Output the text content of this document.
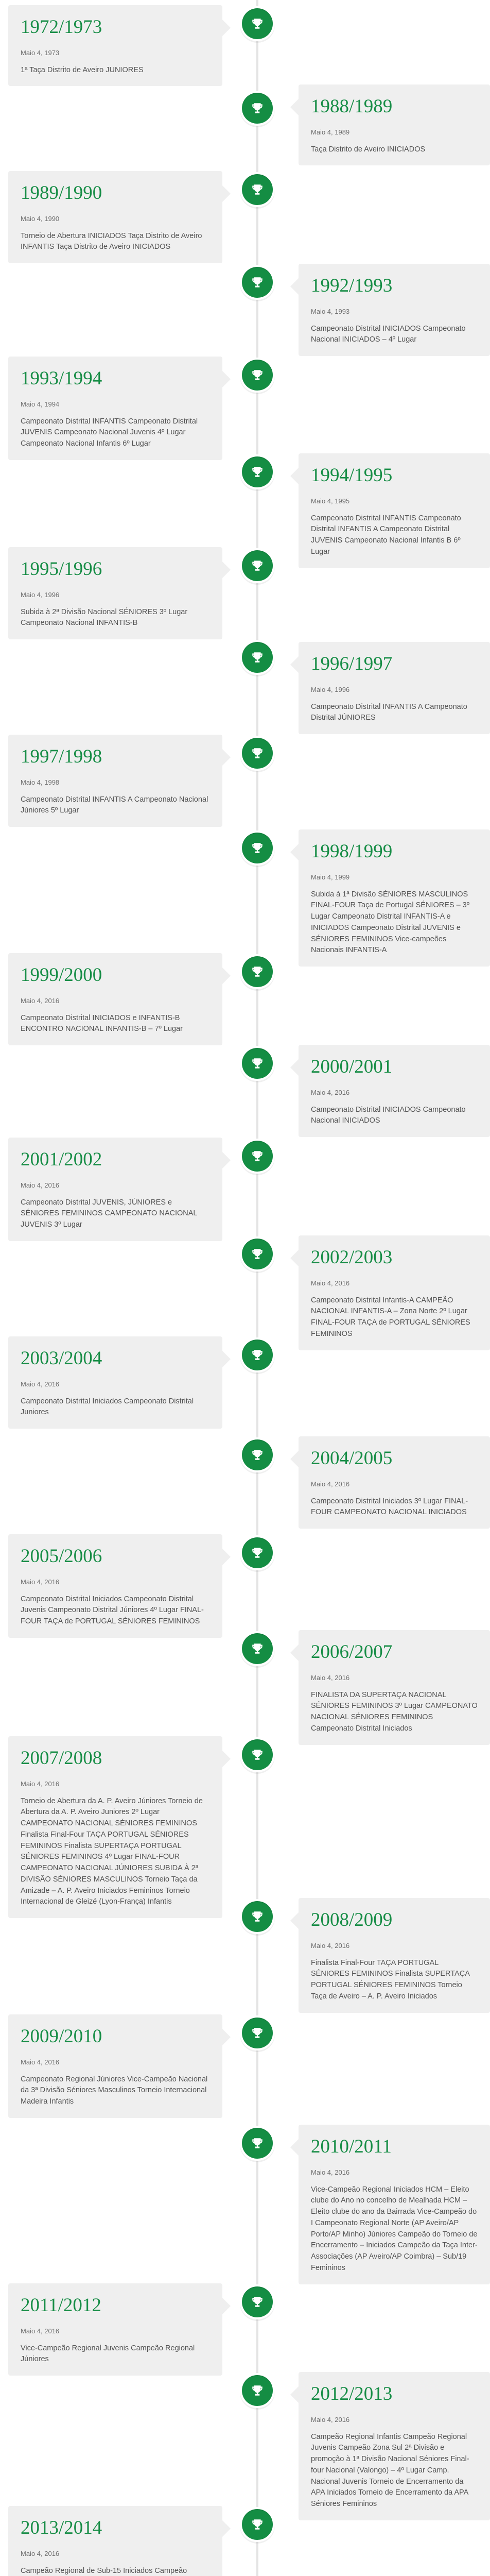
1972/1973

Maio 4, 1973

1ª Taça Distrito de Aveiro JUNIORES

1988/1989

Maio 4, 1989

Taça Distrito de Aveiro INICIADOS

1989/1990

Maio 4, 1990

Torneio de Abertura INICIADOS Taça Distrito de Aveiro INFANTIS Taça Distrito de Aveiro INICIADOS

1992/1993

Maio 4, 1993

Campeonato Distrital INICIADOS Campeonato Nacional INICIADOS – 4º Lugar

1993/1994

Maio 4, 1994

Campeonato Distrital INFANTIS Campeonato Distrital JUVENIS Campeonato Nacional Juvenis 4º Lugar Campeonato Nacional Infantis 6º Lugar

1994/1995

Maio 4, 1995

Campeonato Distrital INFANTIS Campeonato Distrital INFANTIS A Campeonato Distrital JUVENIS Campeonato Nacional Infantis B 6º Lugar

1995/1996

Maio 4, 1996

Subida à 2ª Divisão Nacional SÉNIORES 3º Lugar Campeonato Nacional INFANTIS-B

1996/1997

Maio 4, 1996

Campeonato Distrital INFANTIS A Campeonato Distrital JÚNIORES

1997/1998

Maio 4, 1998

Campeonato Distrital INFANTIS A Campeonato Nacional Júniores 5º Lugar

1998/1999

Maio 4, 1999

Subida à 1ª Divisão SÉNIORES MASCULINOS FINAL-FOUR Taça de Portugal SÉNIORES – 3º Lugar Campeonato Distrital INFANTIS-A e INICIADOS Campeonato Distrital JUVENIS e SÉNIORES FEMININOS Vice-campeões Nacionais INFANTIS-A

1999/2000

Maio 4, 2016

Campeonato Distrital INICIADOS e INFANTIS-B ENCONTRO NACIONAL INFANTIS-B – 7º Lugar

2000/2001

Maio 4, 2016

Campeonato Distrital INICIADOS Campeonato Nacional INICIADOS

2001/2002

Maio 4, 2016

Campeonato Distrital JUVENIS, JÚNIORES e SÉNIORES FEMININOS CAMPEONATO NACIONAL JUVENIS 3º Lugar

2002/2003

Maio 4, 2016

Campeonato Distrital Infantis-A CAMPEÃO NACIONAL INFANTIS-A – Zona Norte 2º Lugar FINAL-FOUR TAÇA de PORTUGAL SÉNIORES FEMININOS

2003/2004

Maio 4, 2016

Campeonato Distrital Iniciados Campeonato Distrital Juniores

2004/2005

Maio 4, 2016

Campeonato Distrital Iniciados 3º Lugar FINAL-FOUR CAMPEONATO NACIONAL INICIADOS

2005/2006

Maio 4, 2016

Campeonato Distrital Iniciados Campeonato Distrital Juvenis Campeonato Distrital Júniores 4º Lugar FINAL-FOUR TAÇA de PORTUGAL SÉNIORES FEMININOS

2006/2007

Maio 4, 2016

FINALISTA DA SUPERTAÇA NACIONAL SÉNIORES FEMININOS 3º Lugar CAMPEONATO NACIONAL SÉNIORES FEMININOS Campeonato Distrital Iniciados

2007/2008

Maio 4, 2016

Torneio de Abertura da A. P. Aveiro Júniores Torneio de Abertura da A. P. Aveiro Juniores 2º Lugar CAMPEONATO NACIONAL SÉNIORES FEMININOS Finalista Final-Four TAÇA PORTUGAL SÉNIORES FEMININOS Finalista SUPERTAÇA PORTUGAL SÉNIORES FEMININOS 4º Lugar FINAL-FOUR CAMPEONATO NACIONAL JÚNIORES SUBIDA À 2ª DIVISÃO SÉNIORES MASCULINOS Torneio Taça da Amizade – A. P. Aveiro Iniciados Femininos Torneio Internacional de Gleizé (Lyon-França) Infantis

2008/2009

Maio 4, 2016

Finalista Final-Four TAÇA PORTUGAL SÉNIORES FEMININOS Finalista SUPERTAÇA PORTUGAL SÉNIORES FEMININOS Torneio Taça de Aveiro – A. P. Aveiro Iniciados

2009/2010

Maio 4, 2016

Campeonato Regional Júniores Vice-Campeão Nacional da 3ª Divisão Séniores Masculinos Torneio Internacional Madeira Infantis

2010/2011

Maio 4, 2016

Vice-Campeão Regional Iniciados HCM – Eleito clube do Ano no concelho de Mealhada HCM – Eleito clube do ano da Bairrada Vice-Campeão do I Campeonato Regional Norte (AP Aveiro/AP Porto/AP Minho) Júniores Campeão do Torneio de Encerramento – Iniciados Campeão da Taça Inter-Associações (AP Aveiro/AP Coimbra) – Sub/19 Femininos

2011/2012

Maio 4, 2016

Vice-Campeão Regional Juvenis Campeão Regional Júniores

2012/2013

Maio 4, 2016

Campeão Regional Infantis Campeão Regional Juvenis Campeão Zona Sul 2ª Divisão e promoção à 1ª Divisão Nacional Séniores Final-four Nacional (Valongo) – 4º Lugar Camp. Nacional Juvenis Torneio de Encerramento da APA Iniciados Torneio de Encerramento da APA Séniores Femininos

2013/2014

Maio 4, 2016

Campeão Regional de Sub-15 Iniciados Campeão
